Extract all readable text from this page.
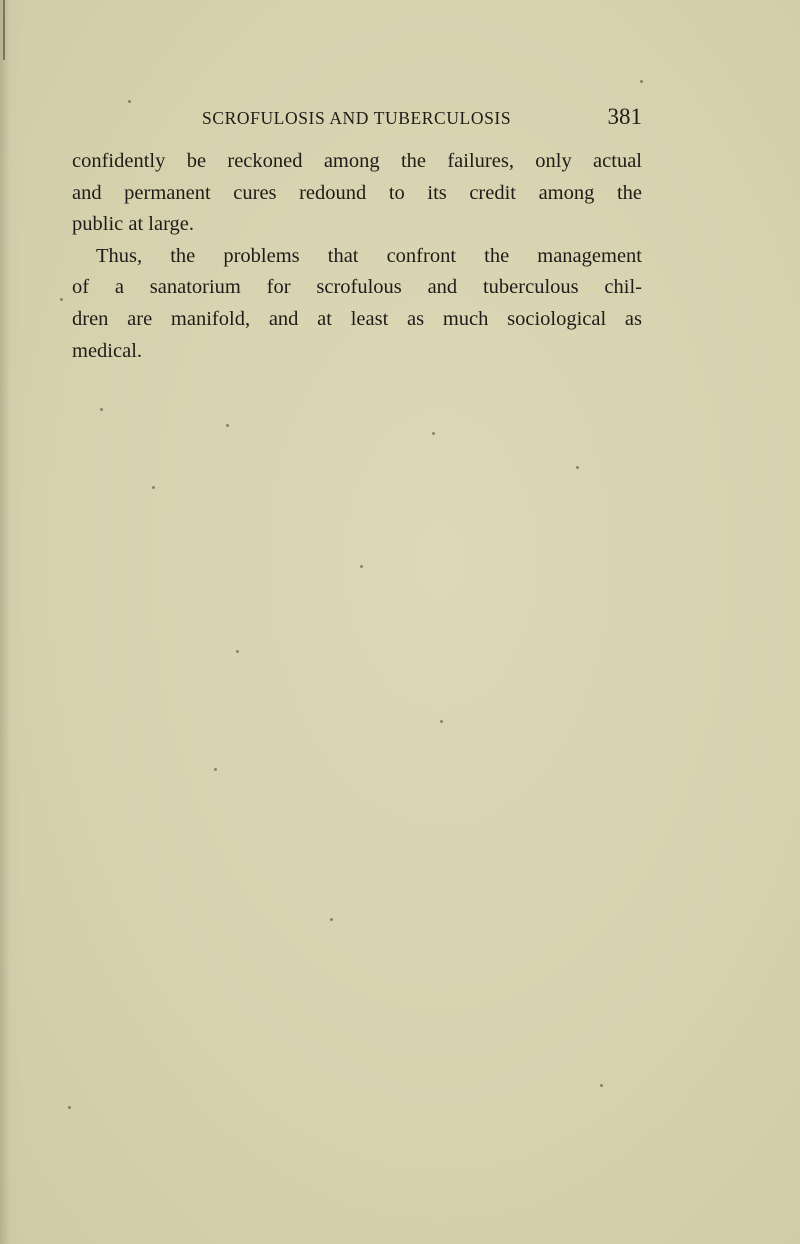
SCROFULOSIS AND TUBERCULOSIS	381

confidently be reckoned among the failures, only actual
and permanent cures redound to its credit among the
public at large.

Thus, the problems that confront the management
of a sanatorium for scrofulous and tuberculous chil-
dren are manifold, and at least as much sociological as
medical.
